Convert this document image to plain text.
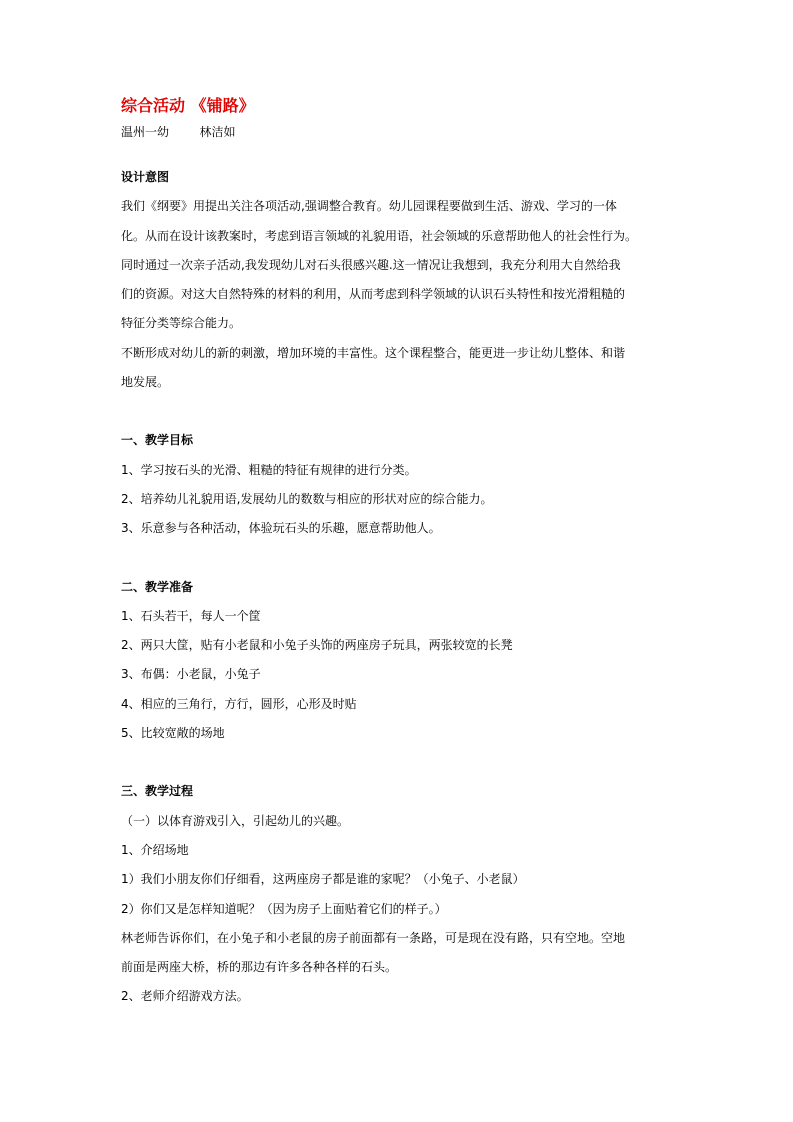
综合活动 《铺路》
温州一幼        林洁如
设计意图
我们《纲要》用提出关注各项活动,强调整合教育。幼儿园课程要做到生活、游戏、学习的一体
化。从而在设计该教案时，考虑到语言领域的礼貌用语，社会领域的乐意帮助他人的社会性行为。
同时通过一次亲子活动,我发现幼儿对石头很感兴趣.这一情况让我想到，我充分利用大自然给我
们的资源。对这大自然特殊的材料的利用，从而考虑到科学领域的认识石头特性和按光滑粗糙的
特征分类等综合能力。
不断形成对幼儿的新的刺激，增加环境的丰富性。这个课程整合，能更进一步让幼儿整体、和谐
地发展。
一、教学目标
1、学习按石头的光滑、粗糙的特征有规律的进行分类。
2、培养幼儿礼貌用语,发展幼儿的数数与相应的形状对应的综合能力。
3、乐意参与各种活动，体验玩石头的乐趣，愿意帮助他人。
二、教学准备
1、石头若干，每人一个筐
2、两只大筐，贴有小老鼠和小兔子头饰的两座房子玩具，两张较宽的长凳
3、布偶：小老鼠，小兔子
4、相应的三角行，方行，圆形，心形及时贴
5、比较宽敞的场地
三、教学过程
（一）以体育游戏引入，引起幼儿的兴趣。
1、介绍场地
1）我们小朋友你们仔细看，这两座房子都是谁的家呢？（小兔子、小老鼠）
2）你们又是怎样知道呢？（因为房子上面贴着它们的样子。）
林老师告诉你们，在小兔子和小老鼠的房子前面都有一条路，可是现在没有路，只有空地。空地
前面是两座大桥，桥的那边有许多各种各样的石头。
2、老师介绍游戏方法。
